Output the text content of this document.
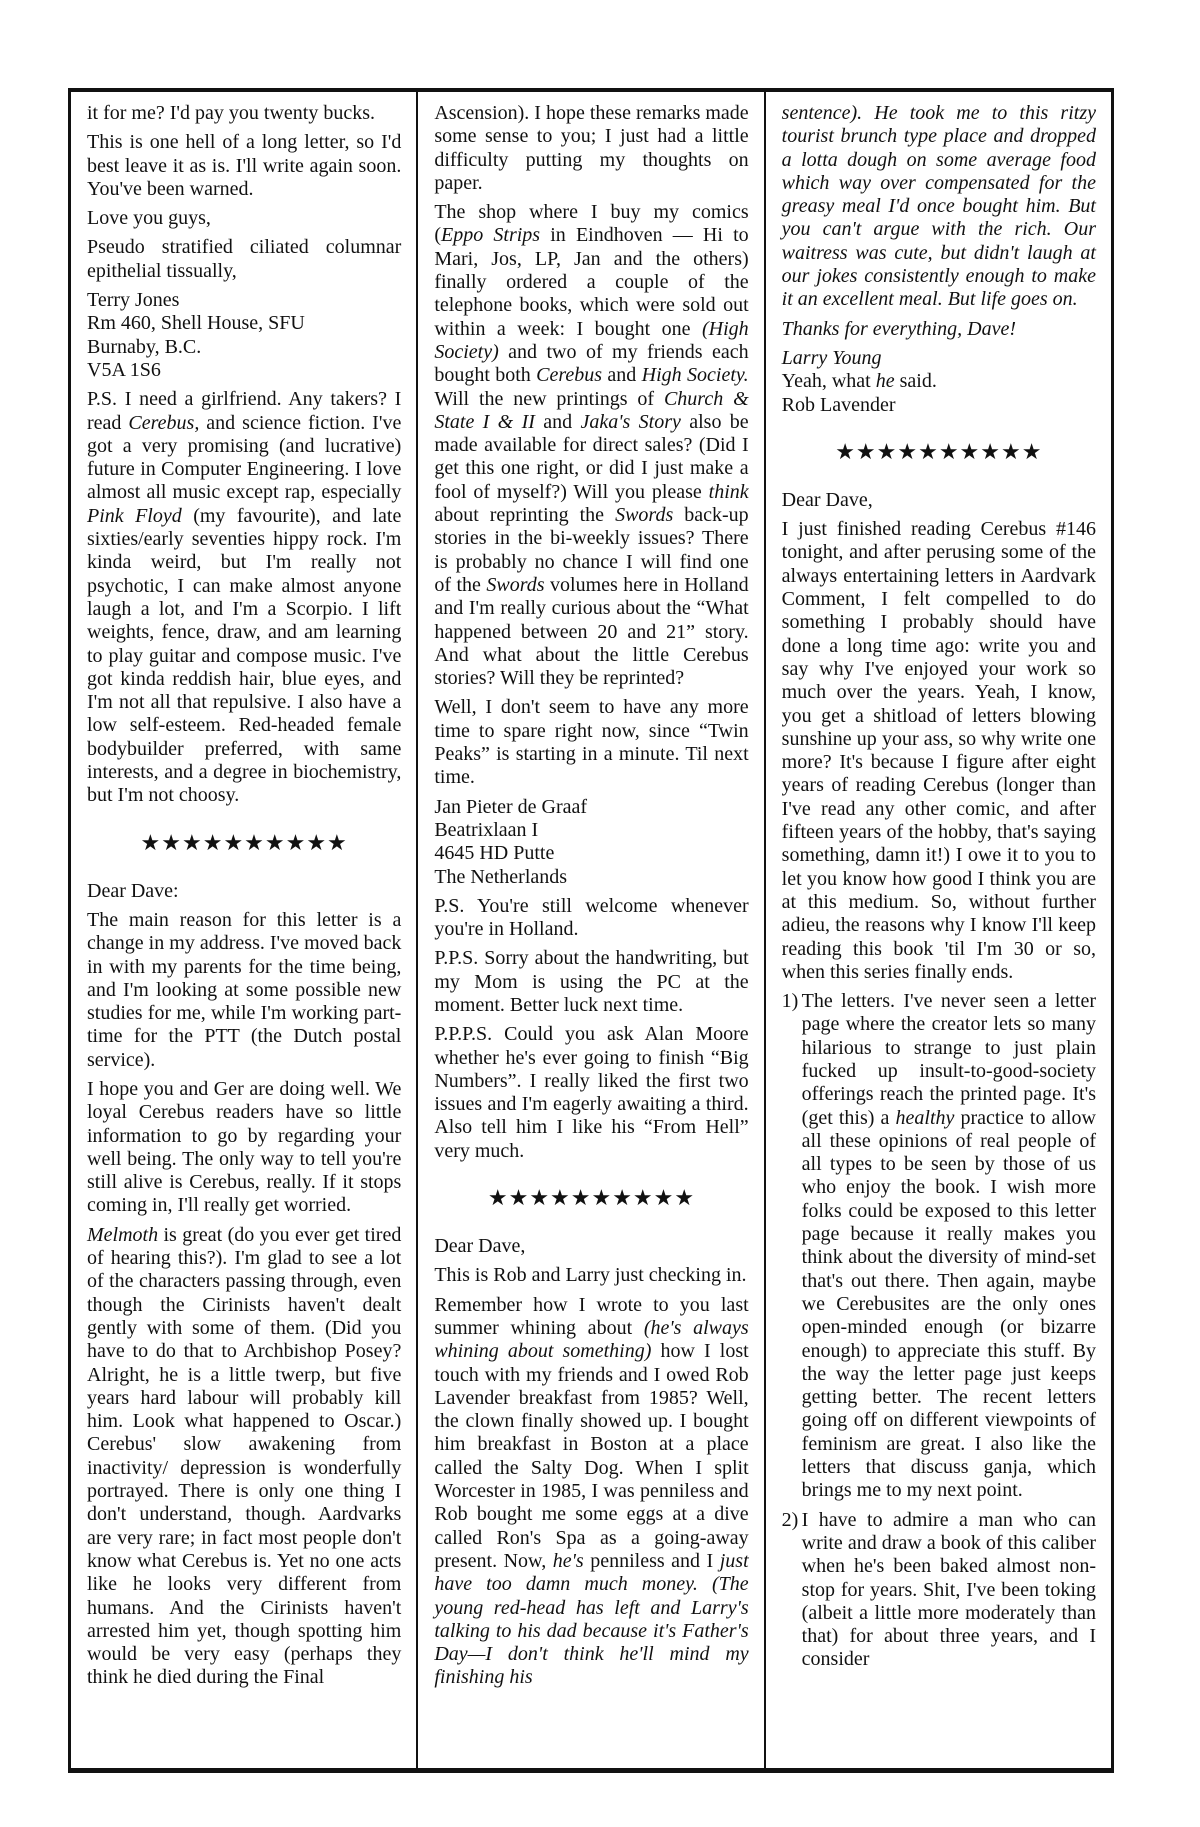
it for me? I'd pay you twenty bucks.

This is one hell of a long letter, so I'd best leave it as is. I'll write again soon. You've been warned.

Love you guys,

Pseudo stratified ciliated columnar epithelial tissually,

Terry Jones
Rm 460, Shell House, SFU
Burnaby, B.C.
V5A 1S6

P.S. I need a girlfriend. Any takers? I read Cerebus, and science fiction. I've got a very promising (and lucrative) future in Computer Engineering. I love almost all music except rap, especially Pink Floyd (my favourite), and late sixties/early seventies hippy rock. I'm kinda weird, but I'm really not psychotic, I can make almost anyone laugh a lot, and I'm a Scorpio. I lift weights, fence, draw, and am learning to play guitar and compose music. I've got kinda reddish hair, blue eyes, and I'm not all that repulsive. I also have a low self-esteem. Red-headed female bodybuilder preferred, with same interests, and a degree in biochemistry, but I'm not choosy.

★★★★★★★★★★

Dear Dave:

The main reason for this letter is a change in my address. I've moved back in with my parents for the time being, and I'm looking at some possible new studies for me, while I'm working part-time for the PTT (the Dutch postal service).

I hope you and Ger are doing well. We loyal Cerebus readers have so little information to go by regarding your well being. The only way to tell you're still alive is Cerebus, really. If it stops coming in, I'll really get worried.

Melmoth is great (do you ever get tired of hearing this?). I'm glad to see a lot of the characters passing through, even though the Cirinists haven't dealt gently with some of them. (Did you have to do that to Archbishop Posey? Alright, he is a little twerp, but five years hard labour will probably kill him. Look what happened to Oscar.) Cerebus' slow awakening from inactivity/ depression is wonderfully portrayed. There is only one thing I don't understand, though. Aardvarks are very rare; in fact most people don't know what Cerebus is. Yet no one acts like he looks very different from humans. And the Cirinists haven't arrested him yet, though spotting him would be very easy (perhaps they think he died during the Final

Ascension). I hope these remarks made some sense to you; I just had a little difficulty putting my thoughts on paper.

The shop where I buy my comics (Eppo Strips in Eindhoven — Hi to Mari, Jos, LP, Jan and the others) finally ordered a couple of the telephone books, which were sold out within a week: I bought one (High Society) and two of my friends each bought both Cerebus and High Society. Will the new printings of Church & State I & II and Jaka's Story also be made available for direct sales? (Did I get this one right, or did I just make a fool of myself?) Will you please think about reprinting the Swords back-up stories in the bi-weekly issues? There is probably no chance I will find one of the Swords volumes here in Holland and I'm really curious about the “What happened between 20 and 21” story. And what about the little Cerebus stories? Will they be reprinted?

Well, I don't seem to have any more time to spare right now, since “Twin Peaks” is starting in a minute. Til next time.

Jan Pieter de Graaf
Beatrixlaan I
4645 HD Putte
The Netherlands

P.S. You're still welcome whenever you're in Holland.

P.P.S. Sorry about the handwriting, but my Mom is using the PC at the moment. Better luck next time.

P.P.P.S. Could you ask Alan Moore whether he's ever going to finish “Big Numbers”. I really liked the first two issues and I'm eagerly awaiting a third. Also tell him I like his “From Hell” very much.

★★★★★★★★★★

Dear Dave,

This is Rob and Larry just checking in.

Remember how I wrote to you last summer whining about (he's always whining about something) how I lost touch with my friends and I owed Rob Lavender breakfast from 1985? Well, the clown finally showed up. I bought him breakfast in Boston at a place called the Salty Dog. When I split Worcester in 1985, I was penniless and Rob bought me some eggs at a dive called Ron's Spa as a going-away present. Now, he's penniless and I just have too damn much money. (The young red-head has left and Larry's talking to his dad because it's Father's Day—I don't think he'll mind my finishing his

sentence). He took me to this ritzy tourist brunch type place and dropped a lotta dough on some average food which way over compensated for the greasy meal I'd once bought him. But you can't argue with the rich. Our waitress was cute, but didn't laugh at our jokes consistently enough to make it an excellent meal. But life goes on.

Thanks for everything, Dave!

Larry Young

Yeah, what he said.

Rob Lavender

★★★★★★★★★★

Dear Dave,

I just finished reading Cerebus #146 tonight, and after perusing some of the always entertaining letters in Aardvark Comment, I felt compelled to do something I probably should have done a long time ago: write you and say why I've enjoyed your work so much over the years. Yeah, I know, you get a shitload of letters blowing sunshine up your ass, so why write one more? It's because I figure after eight years of reading Cerebus (longer than I've read any other comic, and after fifteen years of the hobby, that's saying something, damn it!) I owe it to you to let you know how good I think you are at this medium. So, without further adieu, the reasons why I know I'll keep reading this book 'til I'm 30 or so, when this series finally ends.

1) The letters. I've never seen a letter page where the creator lets so many hilarious to strange to just plain fucked up insult-to-good-society offerings reach the printed page. It's (get this) a healthy practice to allow all these opinions of real people of all types to be seen by those of us who enjoy the book. I wish more folks could be exposed to this letter page because it really makes you think about the diversity of mind-set that's out there. Then again, maybe we Cerebusites are the only ones open-minded enough (or bizarre enough) to appreciate this stuff. By the way the letter page just keeps getting better. The recent letters going off on different viewpoints of feminism are great. I also like the letters that discuss ganja, which brings me to my next point.

2) I have to admire a man who can write and draw a book of this caliber when he's been baked almost non-stop for years. Shit, I've been toking (albeit a little more moderately than that) for about three years, and I consider
